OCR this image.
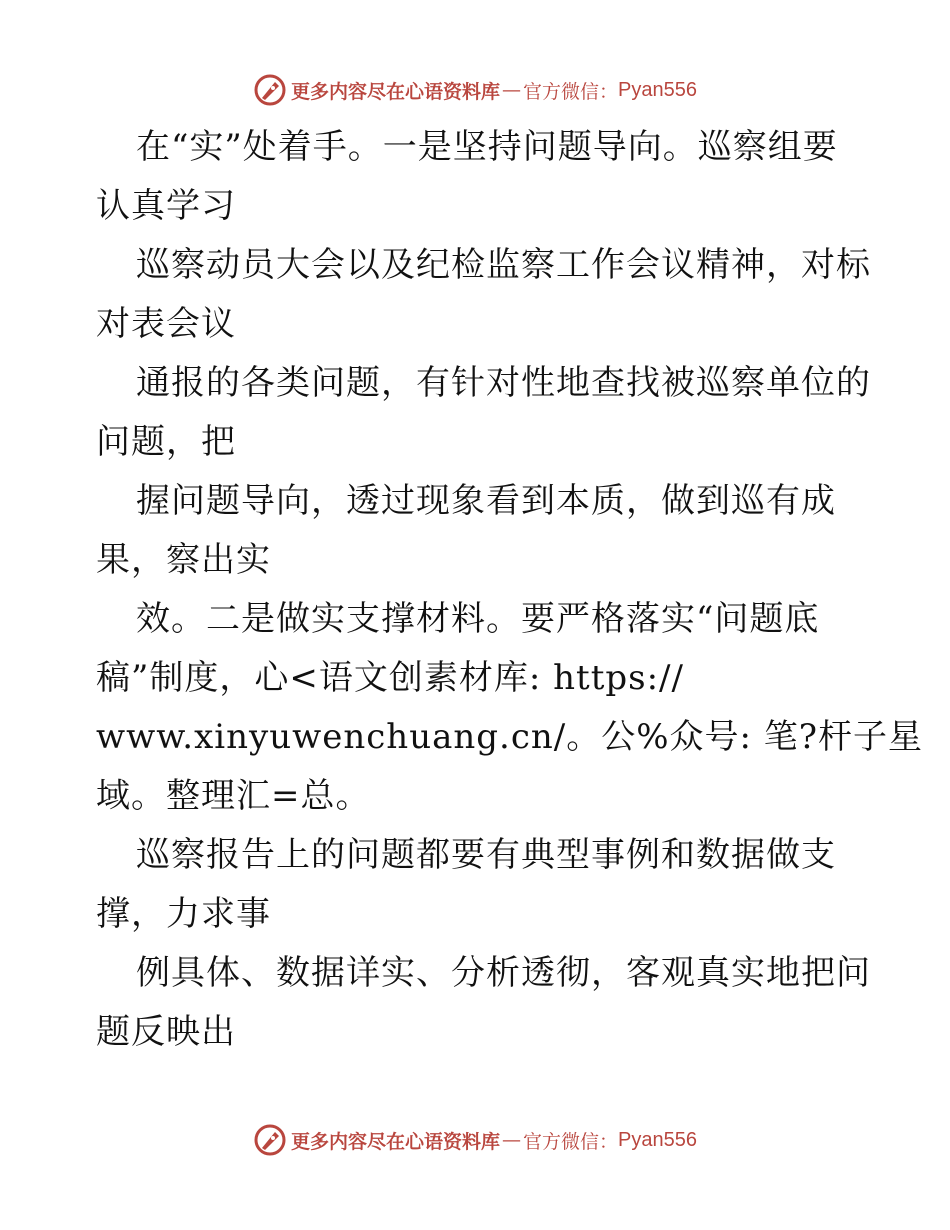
更多内容尽在心语资料库 — 官方微信： Pyan556
在“实”处着手。一是坚持问题导向。巡察组要
认真学习
巡察动员大会以及纪检监察工作会议精神，对标
对表会议
通报的各类问题，有针对性地查找被巡察单位的
问题，把
握问题导向，透过现象看到本质，做到巡有成
果，察出实
效。二是做实支撑材料。要严格落实“问题底
稿”制度，心<语文创素材库: https://
www.xinyuwenchuang.cn/。公%众号: 笔?杆子星
域。整理汇=总。
巡察报告上的问题都要有典型事例和数据做支
撑，力求事
例具体、数据详实、分析透彻，客观真实地把问
题反映出
更多内容尽在心语资料库 — 官方微信： Pyan556
